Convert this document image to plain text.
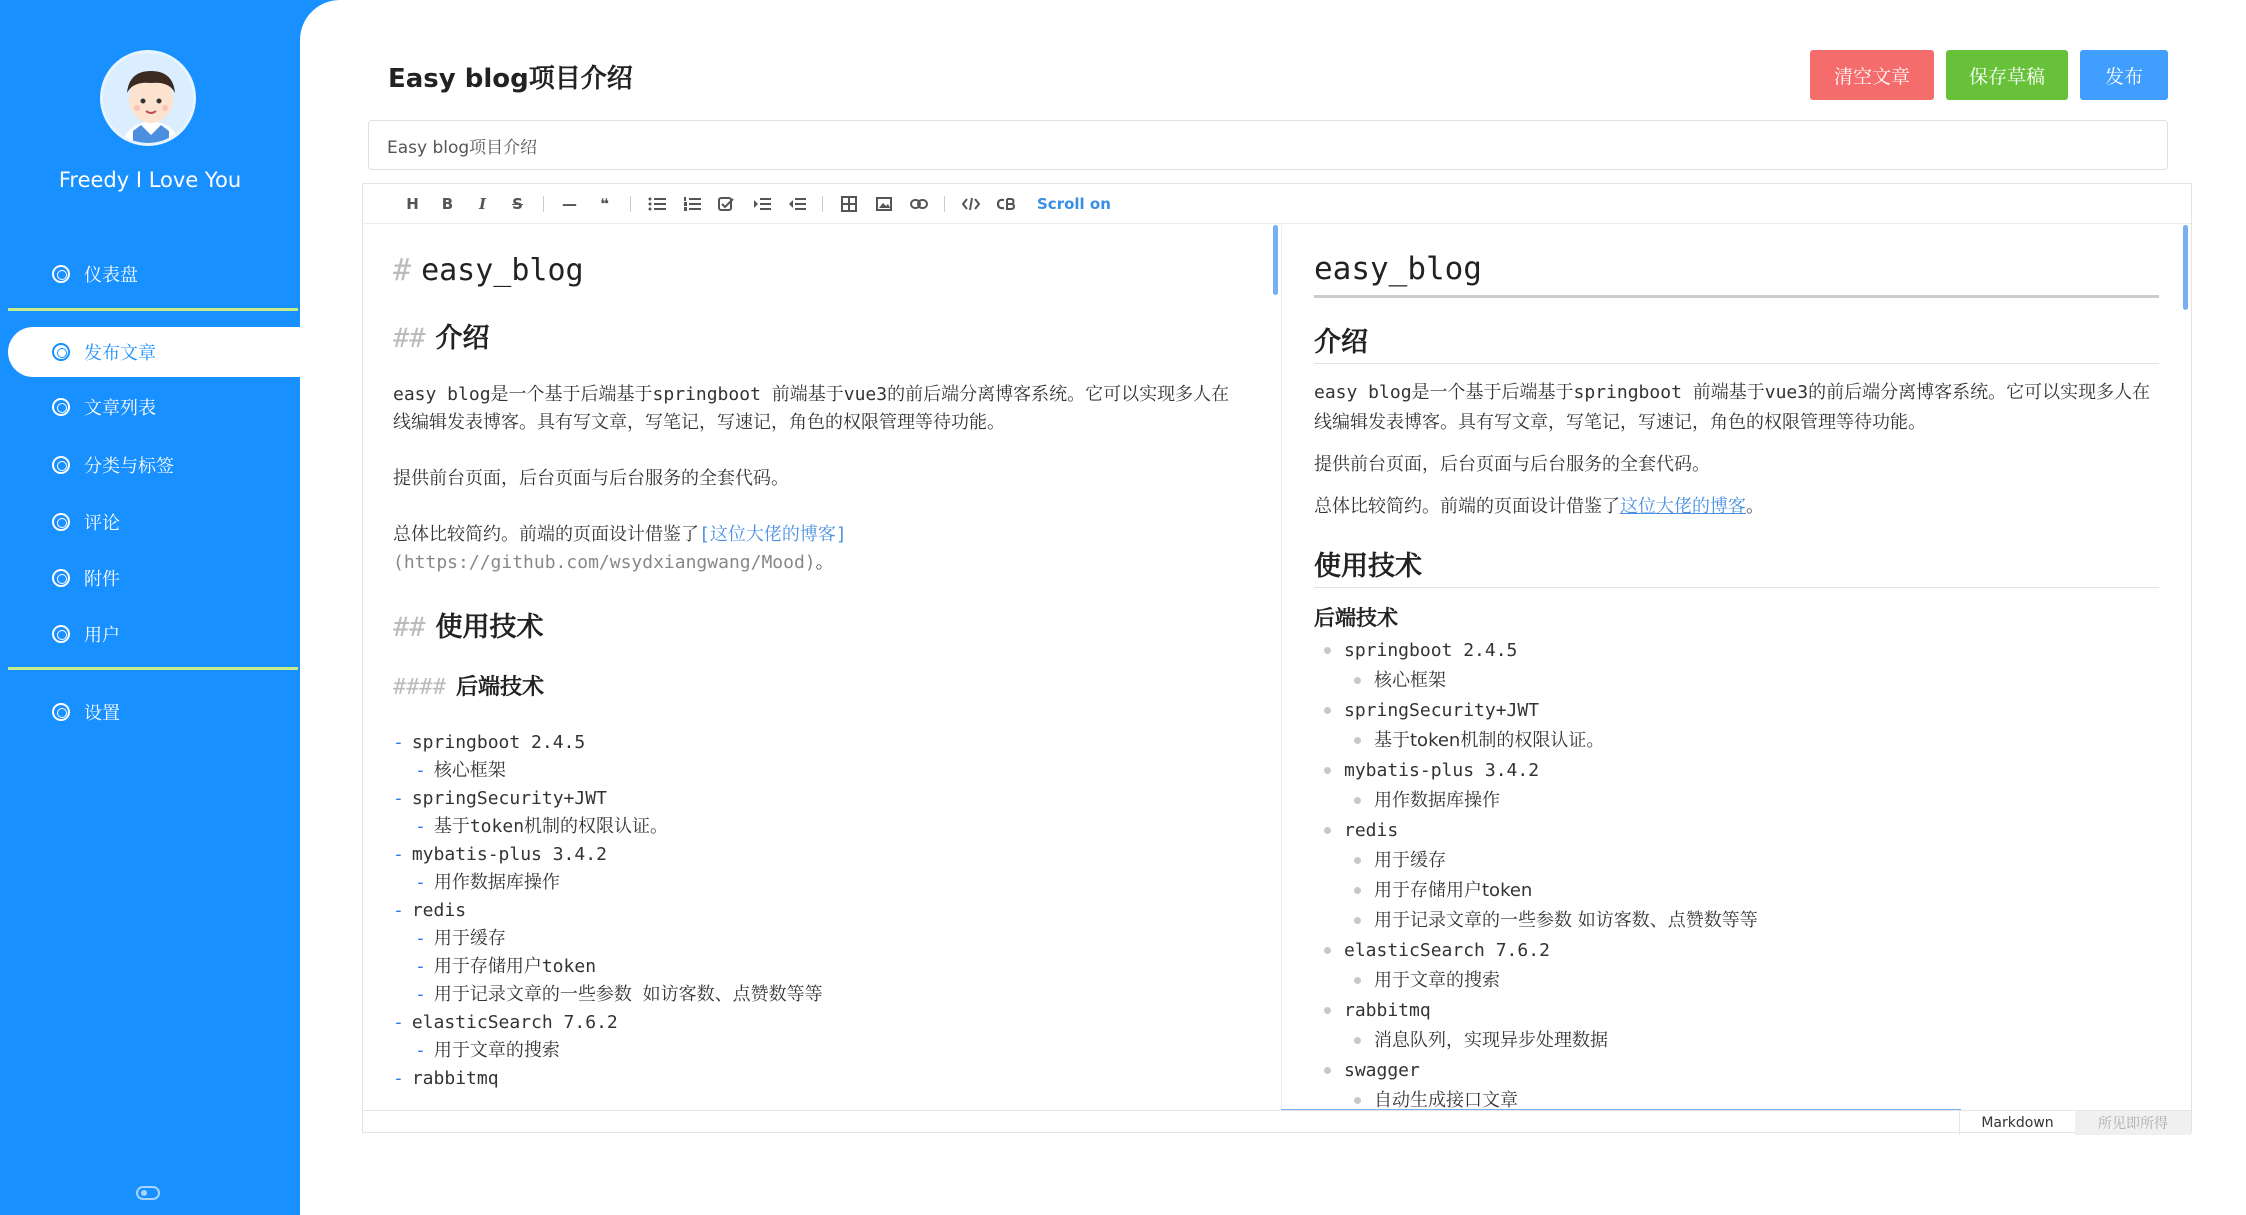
Freedy I Love You
仪表盘
发布文章
文章列表
分类与标签
评论
附件
用户
设置
Easy blog项目介绍	清空文章	保存草稿	发布
Easy blog项目介绍
H	B	I	S	—	❝	Scroll on
# easy_blog
## 介绍
easy blog是一个基于后端基于springboot 前端基于vue3的前后端分离博客系统。它可以实现多人在线编辑发表博客。具有写文章，写笔记，写速记，角色的权限管理等待功能。
提供前台页面，后台页面与后台服务的全套代码。
总体比较简约。前端的页面设计借鉴了[这位大佬的博客](https://github.com/wsydxiangwang/Mood)。
## 使用技术
#### 后端技术
- springboot 2.4.5
- 核心框架
- springSecurity+JWT
- 基于token机制的权限认证。
- mybatis-plus 3.4.2
- 用作数据库操作
- redis
- 用于缓存
- 用于存储用户token
- 用于记录文章的一些参数 如访客数、点赞数等等
- elasticSearch 7.6.2
- 用于文章的搜索
- rabbitmq
easy_blog
介绍
easy blog是一个基于后端基于springboot 前端基于vue3的前后端分离博客系统。它可以实现多人在线编辑发表博客。具有写文章，写笔记，写速记，角色的权限管理等待功能。
提供前台页面，后台页面与后台服务的全套代码。
总体比较简约。前端的页面设计借鉴了这位大佬的博客。
使用技术
后端技术
springboot 2.4.5
核心框架
springSecurity+JWT
基于token机制的权限认证。
mybatis-plus 3.4.2
用作数据库操作
redis
用于缓存
用于存储用户token
用于记录文章的一些参数 如访客数、点赞数等等
elasticSearch 7.6.2
用于文章的搜索
rabbitmq
消息队列，实现异步处理数据
swagger
自动生成接口文章
Markdown	所见即所得
